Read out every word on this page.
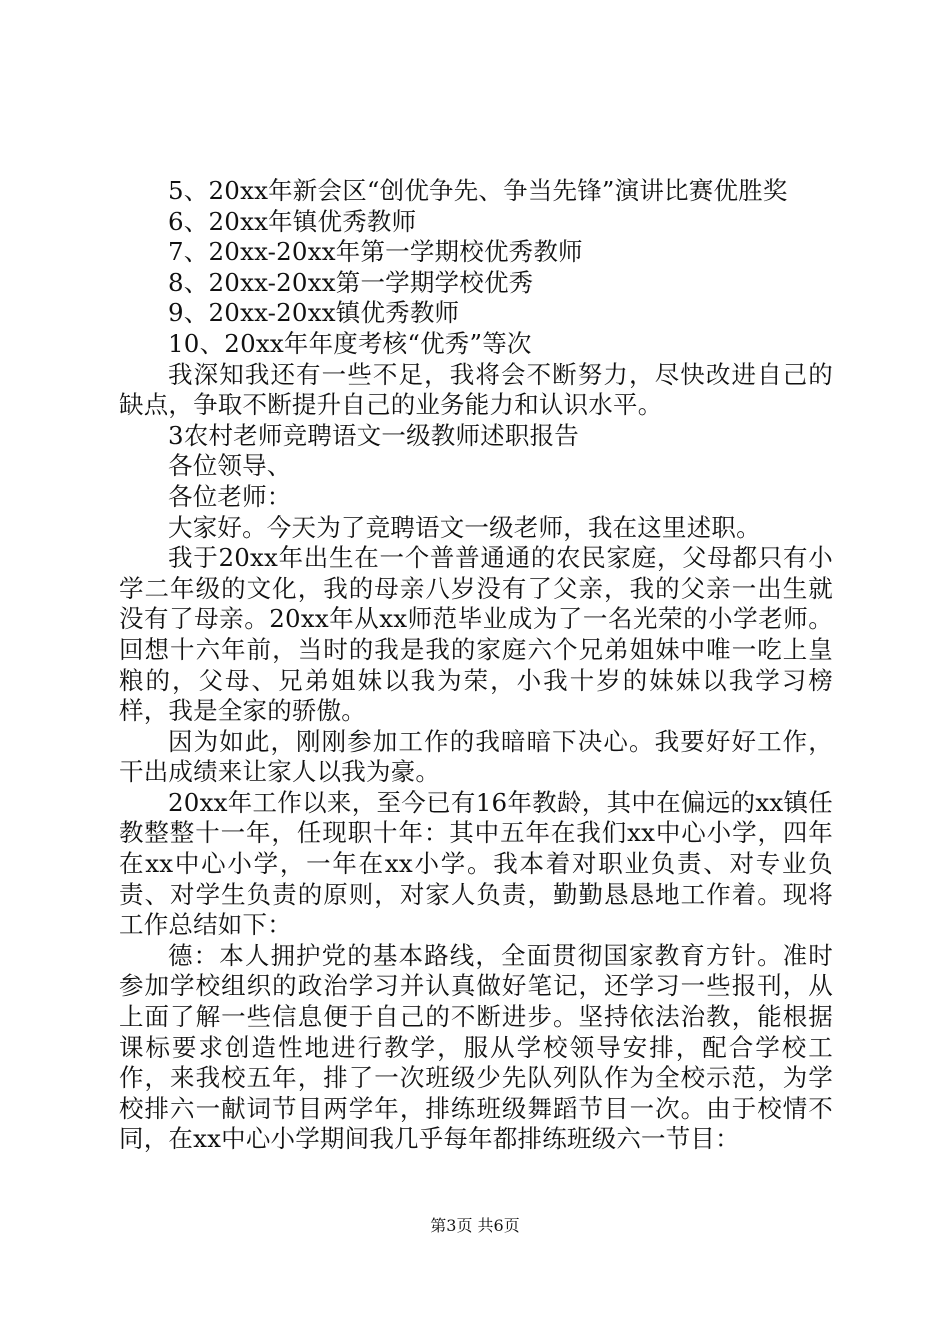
5、20xx年新会区“创优争先、争当先锋”演讲比赛优胜奖

6、20xx年镇优秀教师

7、20xx-20xx年第一学期校优秀教师

8、20xx-20xx第一学期学校优秀

9、20xx-20xx镇优秀教师

10、20xx年年度考核“优秀”等次

我深知我还有一些不足，我将会不断努力，尽快改进自己的缺点，争取不断提升自己的业务能力和认识水平。

3农村老师竞聘语文一级教师述职报告

各位领导、

各位老师：

大家好。今天为了竞聘语文一级老师，我在这里述职。

我于20xx年出生在一个普普通通的农民家庭，父母都只有小学二年级的文化，我的母亲八岁没有了父亲，我的父亲一出生就没有了母亲。20xx年从xx师范毕业成为了一名光荣的小学老师。回想十六年前，当时的我是我的家庭六个兄弟姐妹中唯一吃上皇粮的，父母、兄弟姐妹以我为荣，小我十岁的妹妹以我学习榜样，我是全家的骄傲。

因为如此，刚刚参加工作的我暗暗下决心。我要好好工作，干出成绩来让家人以我为豪。

20xx年工作以来，至今已有16年教龄，其中在偏远的xx镇任教整整十一年，任现职十年：其中五年在我们xx中心小学，四年在xx中心小学，一年在xx小学。我本着对职业负责、对专业负责、对学生负责的原则，对家人负责，勤勤恳恳地工作着。现将工作总结如下：

德：本人拥护党的基本路线，全面贯彻国家教育方针。准时参加学校组织的政治学习并认真做好笔记，还学习一些报刊，从上面了解一些信息便于自己的不断进步。坚持依法治教，能根据课标要求创造性地进行教学，服从学校领导安排，配合学校工作，来我校五年，排了一次班级少先队列队作为全校示范，为学校排六一献词节目两学年，排练班级舞蹈节目一次。由于校情不同，在xx中心小学期间我几乎每年都排练班级六一节目：

第3页 共6页
